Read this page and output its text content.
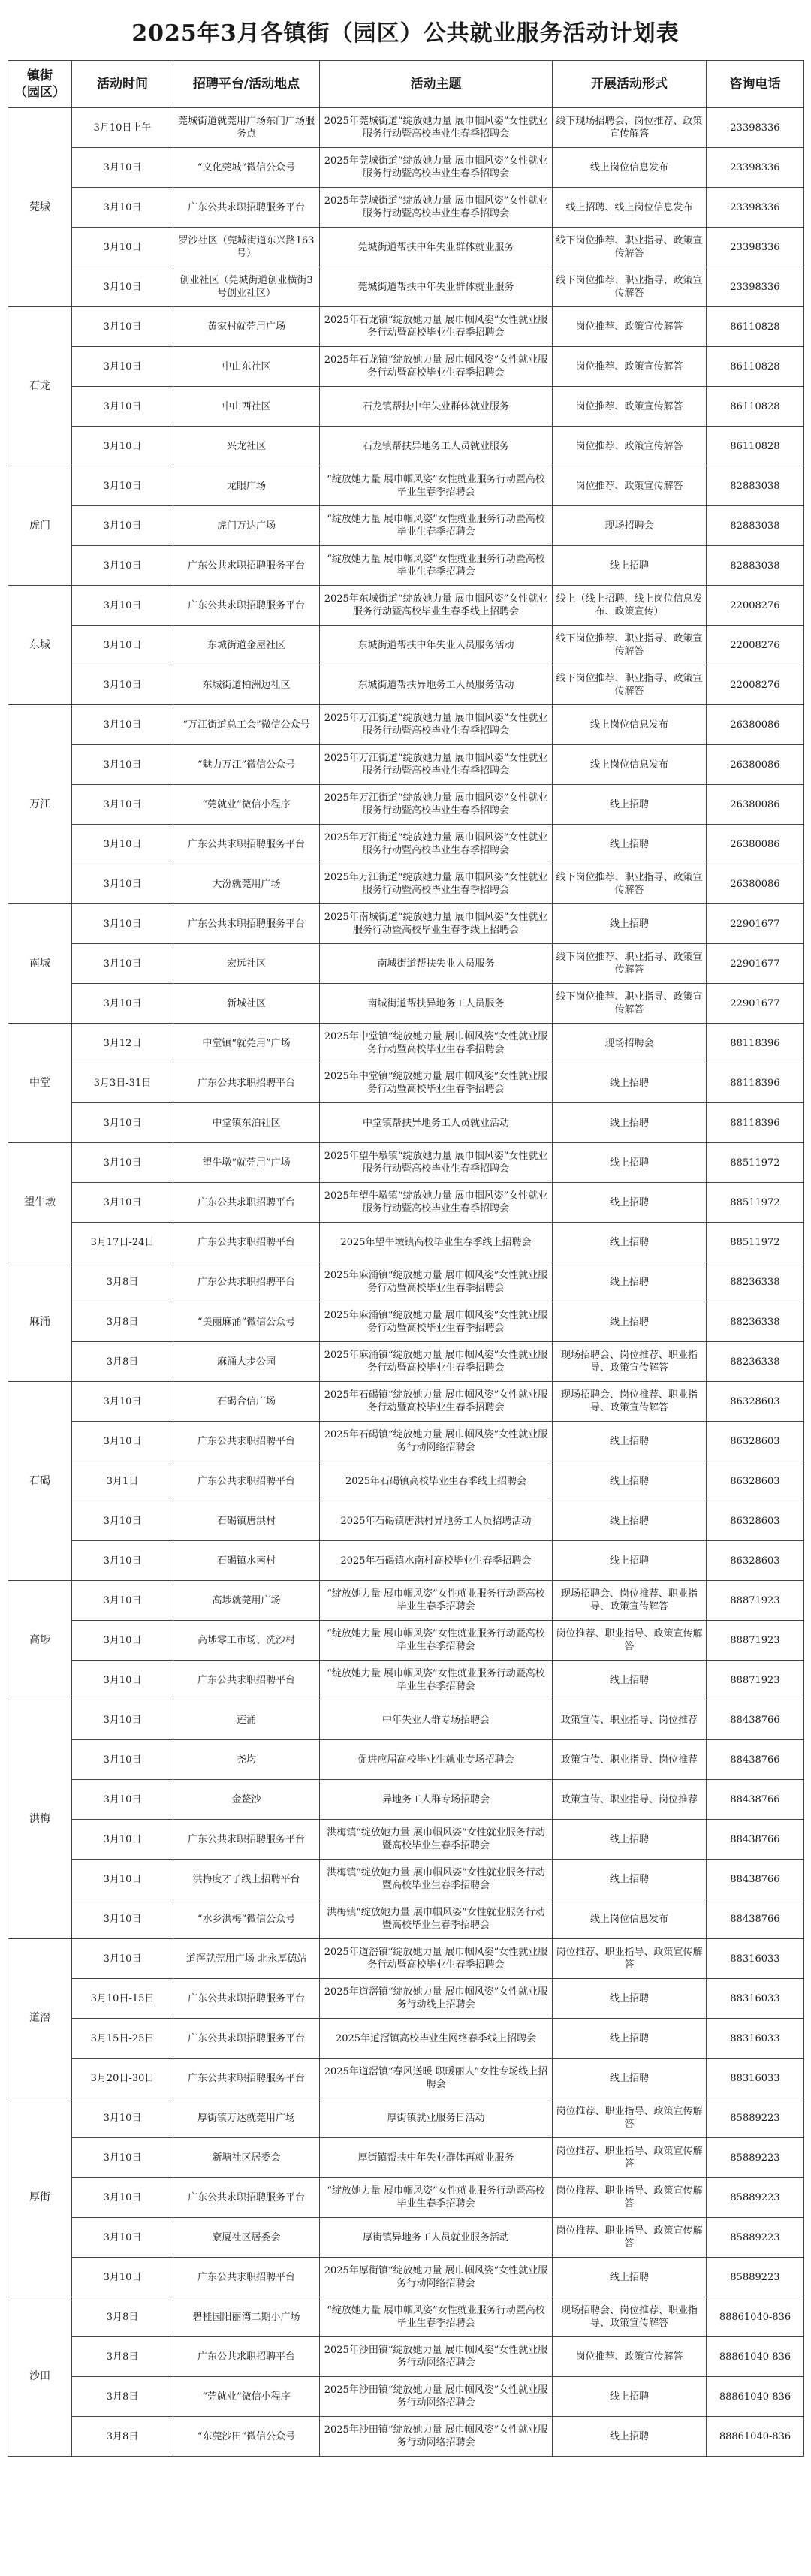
2025年3月各镇街（园区）公共就业服务活动计划表
镇街
（园区）	活动时间	招聘平台/活动地点	活动主题	开展活动形式	咨询电话
莞城	3月10日上午	莞城街道就莞用广场东门广场服务点	2025年莞城街道“绽放她力量 展巾帼风姿”女性就业服务行动暨高校毕业生春季招聘会	线下现场招聘会、岗位推荐、政策宣传解答	23398336
	3月10日	“文化莞城”微信公众号	2025年莞城街道“绽放她力量 展巾帼风姿”女性就业服务行动暨高校毕业生春季招聘会	线上岗位信息发布	23398336
	3月10日	广东公共求职招聘服务平台	2025年莞城街道“绽放她力量 展巾帼风姿”女性就业服务行动暨高校毕业生春季招聘会	线上招聘、线上岗位信息发布	23398336
	3月10日	罗沙社区（莞城街道东兴路163号）	莞城街道帮扶中年失业群体就业服务	线下岗位推荐、职业指导、政策宣传解答	23398336
	3月10日	创业社区（莞城街道创业横街3号创业社区）	莞城街道帮扶中年失业群体就业服务	线下岗位推荐、职业指导、政策宣传解答	23398336
石龙	3月10日	黄家村就莞用广场	2025年石龙镇“绽放她力量 展巾帼风姿”女性就业服务行动暨高校毕业生春季招聘会	岗位推荐、政策宣传解答	86110828
	3月10日	中山东社区	2025年石龙镇“绽放她力量 展巾帼风姿”女性就业服务行动暨高校毕业生春季招聘会	岗位推荐、政策宣传解答	86110828
	3月10日	中山西社区	石龙镇帮扶中年失业群体就业服务	岗位推荐、政策宣传解答	86110828
	3月10日	兴龙社区	石龙镇帮扶异地务工人员就业服务	岗位推荐、政策宣传解答	86110828
虎门	3月10日	龙眼广场	“绽放她力量 展巾帼风姿”女性就业服务行动暨高校毕业生春季招聘会	岗位推荐、政策宣传解答	82883038
	3月10日	虎门万达广场	“绽放她力量 展巾帼风姿”女性就业服务行动暨高校毕业生春季招聘会	现场招聘会	82883038
	3月10日	广东公共求职招聘服务平台	“绽放她力量 展巾帼风姿”女性就业服务行动暨高校毕业生春季招聘会	线上招聘	82883038
东城	3月10日	广东公共求职招聘服务平台	2025年东城街道“绽放她力量 展巾帼风姿”女性就业服务行动暨高校毕业生春季线上招聘会	线上（线上招聘，线上岗位信息发布、政策宣传）	22008276
	3月10日	东城街道金屋社区	东城街道帮扶中年失业人员服务活动	线下岗位推荐、职业指导、政策宣传解答	22008276
	3月10日	东城街道柏洲边社区	东城街道帮扶异地务工人员服务活动	线下岗位推荐、职业指导、政策宣传解答	22008276
万江	3月10日	“万江街道总工会”微信公众号	2025年万江街道“绽放她力量 展巾帼风姿”女性就业服务行动暨高校毕业生春季招聘会	线上岗位信息发布	26380086
	3月10日	“魅力万江”微信公众号	2025年万江街道“绽放她力量 展巾帼风姿”女性就业服务行动暨高校毕业生春季招聘会	线上岗位信息发布	26380086
	3月10日	“莞就业”微信小程序	2025年万江街道“绽放她力量 展巾帼风姿”女性就业服务行动暨高校毕业生春季招聘会	线上招聘	26380086
	3月10日	广东公共求职招聘服务平台	2025年万江街道“绽放她力量 展巾帼风姿”女性就业服务行动暨高校毕业生春季招聘会	线上招聘	26380086
	3月10日	大汾就莞用广场	2025年万江街道“绽放她力量 展巾帼风姿”女性就业服务行动暨高校毕业生春季招聘会	线下岗位推荐、职业指导、政策宣传解答	26380086
南城	3月10日	广东公共求职招聘服务平台	2025年南城街道“绽放她力量 展巾帼风姿”女性就业服务行动暨高校毕业生春季线上招聘会	线上招聘	22901677
	3月10日	宏远社区	南城街道帮扶失业人员服务	线下岗位推荐、职业指导、政策宣传解答	22901677
	3月10日	新城社区	南城街道帮扶异地务工人员服务	线下岗位推荐、职业指导、政策宣传解答	22901677
中堂	3月12日	中堂镇“就莞用”广场	2025年中堂镇“绽放她力量 展巾帼风姿”女性就业服务行动暨高校毕业生春季招聘会	现场招聘会	88118396
	3月3日-31日	广东公共求职招聘平台	2025年中堂镇“绽放她力量 展巾帼风姿”女性就业服务行动暨高校毕业生春季招聘会	线上招聘	88118396
	3月10日	中堂镇东泊社区	中堂镇帮扶异地务工人员就业活动	线上招聘	88118396
望牛墩	3月10日	望牛墩“就莞用”广场	2025年望牛墩镇“绽放她力量 展巾帼风姿”女性就业服务行动暨高校毕业生春季招聘会	线上招聘	88511972
	3月10日	广东公共求职招聘平台	2025年望牛墩镇“绽放她力量 展巾帼风姿”女性就业服务行动暨高校毕业生春季招聘会	线上招聘	88511972
	3月17日-24日	广东公共求职招聘平台	2025年望牛墩镇高校毕业生春季线上招聘会	线上招聘	88511972
麻涌	3月8日	广东公共求职招聘平台	2025年麻涌镇“绽放她力量 展巾帼风姿”女性就业服务行动暨高校毕业生春季招聘会	线上招聘	88236338
	3月8日	“美丽麻涌”微信公众号	2025年麻涌镇“绽放她力量 展巾帼风姿”女性就业服务行动暨高校毕业生春季招聘会	线上招聘	88236338
	3月8日	麻涌大步公园	2025年麻涌镇“绽放她力量 展巾帼风姿”女性就业服务行动暨高校毕业生春季招聘会	现场招聘会、岗位推荐、职业指导、政策宣传解答	88236338
石碣	3月10日	石碣合信广场	2025年石碣镇“绽放她力量 展巾帼风姿”女性就业服务行动暨高校毕业生春季招聘会	现场招聘会、岗位推荐、职业指导、政策宣传解答	86328603
	3月10日	广东公共求职招聘平台	2025年石碣镇“绽放她力量 展巾帼风姿”女性就业服务行动网络招聘会	线上招聘	86328603
	3月1日	广东公共求职招聘平台	2025年石碣镇高校毕业生春季线上招聘会	线上招聘	86328603
	3月10日	石碣镇唐洪村	2025年石碣镇唐洪村异地务工人员招聘活动	线上招聘	86328603
	3月10日	石碣镇水南村	2025年石碣镇水南村高校毕业生春季招聘会	线上招聘	86328603
高埗	3月10日	高埗就莞用广场	“绽放她力量 展巾帼风姿”女性就业服务行动暨高校毕业生春季招聘会	现场招聘会、岗位推荐、职业指导、政策宣传解答	88871923
	3月10日	高埗零工市场、冼沙村	“绽放她力量 展巾帼风姿”女性就业服务行动暨高校毕业生春季招聘会	岗位推荐、职业指导、政策宣传解答	88871923
	3月10日	广东公共求职招聘平台	“绽放她力量 展巾帼风姿”女性就业服务行动暨高校毕业生春季招聘会	线上招聘	88871923
洪梅	3月10日	莲涌	中年失业人群专场招聘会	政策宣传、职业指导、岗位推荐	88438766
	3月10日	尧均	促进应届高校毕业生就业专场招聘会	政策宣传、职业指导、岗位推荐	88438766
	3月10日	金鳌沙	异地务工人群专场招聘会	政策宣传、职业指导、岗位推荐	88438766
	3月10日	广东公共求职招聘服务平台	洪梅镇“绽放她力量 展巾帼风姿”女性就业服务行动暨高校毕业生春季招聘会	线上招聘	88438766
	3月10日	洪梅度才子线上招聘平台	洪梅镇“绽放她力量 展巾帼风姿”女性就业服务行动暨高校毕业生春季招聘会	线上招聘	88438766
	3月10日	“水乡洪梅”微信公众号	洪梅镇“绽放她力量 展巾帼风姿”女性就业服务行动暨高校毕业生春季招聘会	线上岗位信息发布	88438766
道滘	3月10日	道滘就莞用广场-北永厚德站	2025年道滘镇“绽放她力量 展巾帼风姿”女性就业服务行动暨高校毕业生春季招聘会	岗位推荐、职业指导、政策宣传解答	88316033
	3月10日-15日	广东公共求职招聘服务平台	2025年道滘镇“绽放她力量 展巾帼风姿”女性就业服务行动线上招聘会	线上招聘	88316033
	3月15日-25日	广东公共求职招聘服务平台	2025年道滘镇高校毕业生网络春季线上招聘会	线上招聘	88316033
	3月20日-30日	广东公共求职招聘服务平台	2025年道滘镇“春风送暖 职暖丽人”女性专场线上招聘会	线上招聘	88316033
厚街	3月10日	厚街镇万达就莞用广场	厚街镇就业服务日活动	岗位推荐、职业指导、政策宣传解答	85889223
	3月10日	新塘社区居委会	厚街镇帮扶中年失业群体再就业服务	岗位推荐、职业指导、政策宣传解答	85889223
	3月10日	广东公共求职招聘服务平台	“绽放她力量 展巾帼风姿”女性就业服务行动暨高校毕业生春季招聘会	岗位推荐、职业指导、政策宣传解答	85889223
	3月10日	寮厦社区居委会	厚街镇异地务工人员就业服务活动	岗位推荐、职业指导、政策宣传解答	85889223
	3月10日	广东公共求职招聘平台	2025年厚街镇“绽放她力量 展巾帼风姿”女性就业服务行动网络招聘会	线上招聘	85889223
沙田	3月8日	碧桂园阳丽湾二期小广场	“绽放她力量 展巾帼风姿”女性就业服务行动暨高校毕业生春季招聘会	现场招聘会、岗位推荐、职业指导、政策宣传解答	88861040-836
	3月8日	广东公共求职招聘平台	2025年沙田镇“绽放她力量 展巾帼风姿”女性就业服务行动网络招聘会	岗位推荐、政策宣传解答	88861040-836
	3月8日	“莞就业”微信小程序	2025年沙田镇“绽放她力量 展巾帼风姿”女性就业服务行动网络招聘会	线上招聘	88861040-836
	3月8日	“东莞沙田”微信公众号	2025年沙田镇“绽放她力量 展巾帼风姿”女性就业服务行动网络招聘会	线上招聘	88861040-836
